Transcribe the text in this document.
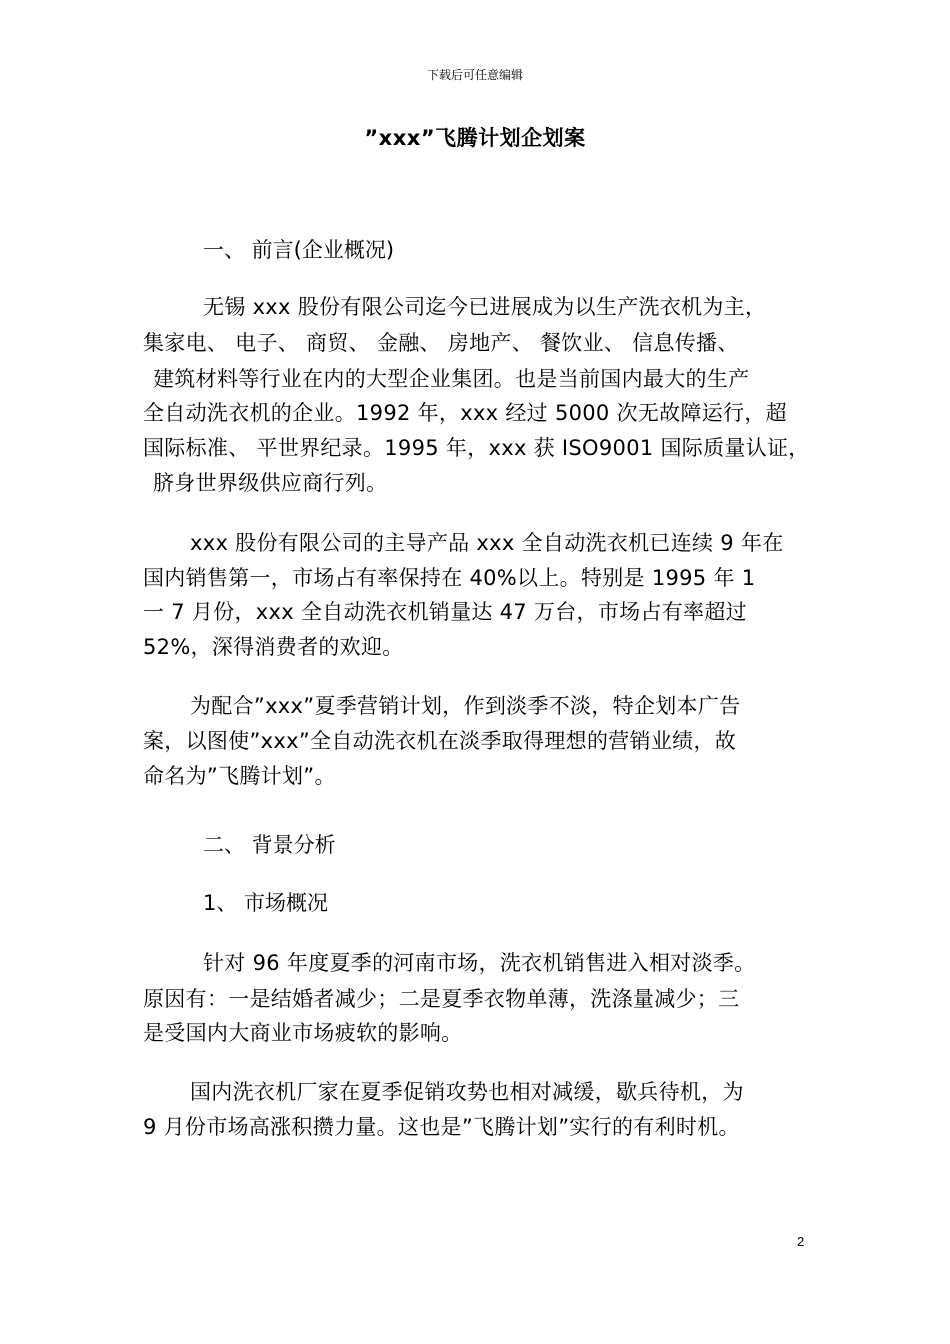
下载后可任意编辑
”xxx”飞腾计划企划案
一、 前言(企业概况)
无锡 xxx 股份有限公司迄今已进展成为以生产洗衣机为主，
集家电、 电子、 商贸、 金融、 房地产、 餐饮业、 信息传播、
建筑材料等行业在内的大型企业集团。也是当前国内最大的生产
全自动洗衣机的企业。1992 年，xxx 经过 5000 次无故障运行，超
国际标准、 平世界纪录。1995 年，xxx 获 ISO9001 国际质量认证，
脐身世界级供应商行列。
xxx 股份有限公司的主导产品 xxx 全自动洗衣机已连续 9 年在
国内销售第一，市场占有率保持在 40%以上。特别是 1995 年 1
一 7 月份，xxx 全自动洗衣机销量达 47 万台，市场占有率超过
52%，深得消费者的欢迎。
为配合”xxx”夏季营销计划，作到淡季不淡，特企划本广告
案，以图使”xxx”全自动洗衣机在淡季取得理想的营销业绩，故
命名为”飞腾计划”。
二、 背景分析
1、 市场概况
针对 96 年度夏季的河南市场，洗衣机销售进入相对淡季。
原因有：一是结婚者减少；二是夏季衣物单薄，洗涤量减少；三
是受国内大商业市场疲软的影响。
国内洗衣机厂家在夏季促销攻势也相对减缓，歇兵待机，为
9 月份市场高涨积攒力量。这也是”飞腾计划”实行的有利时机。
2
